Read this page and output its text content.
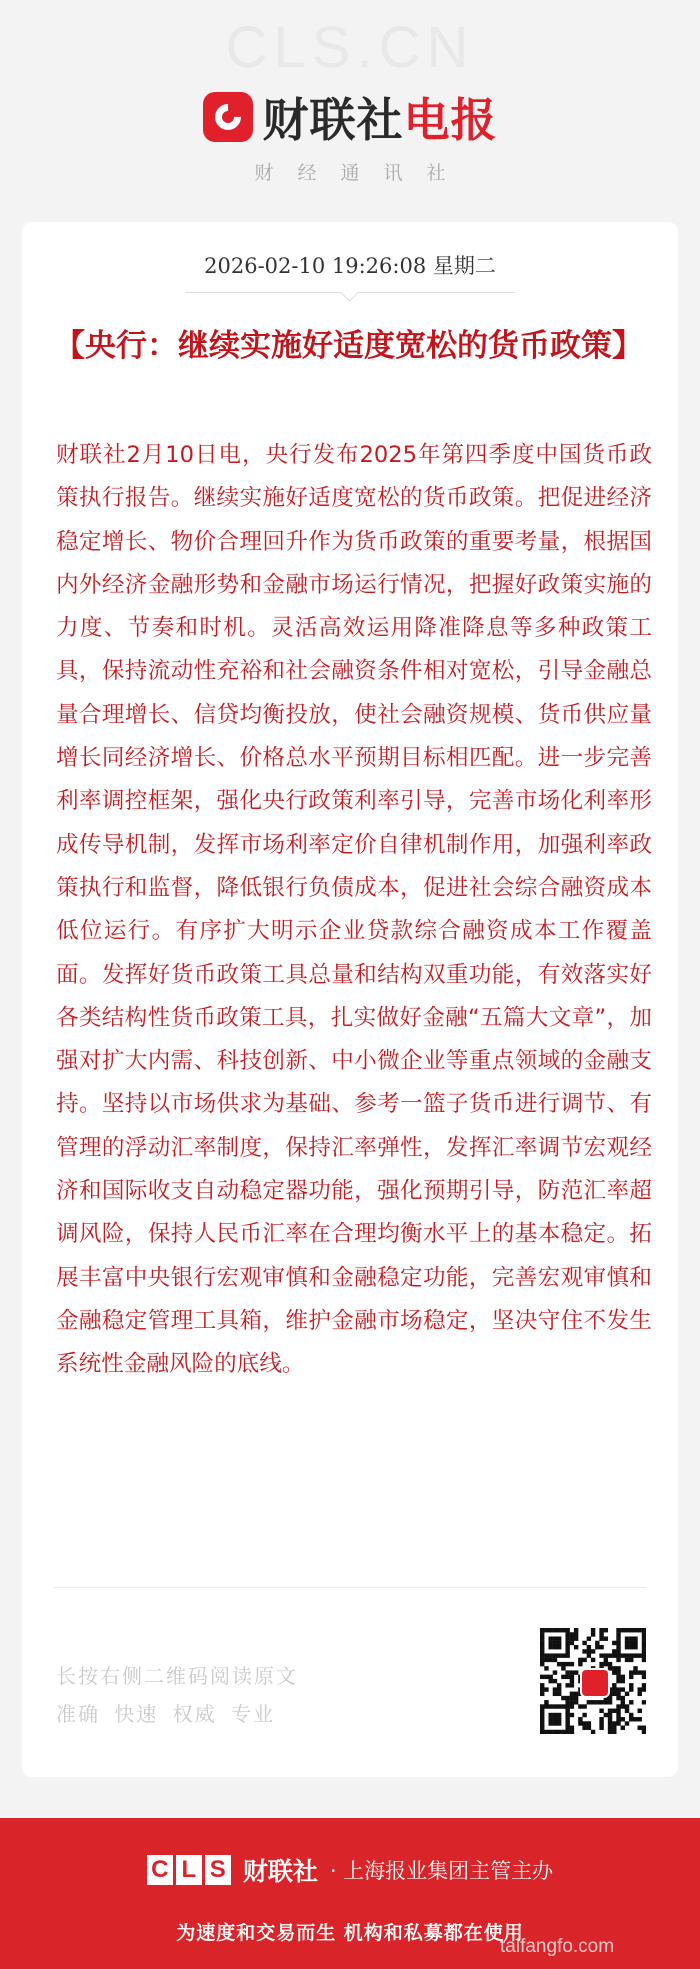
CLS.CN
财联社电报
财经通讯社
2026-02-10 19:26:08 星期二
【央行：继续实施好适度宽松的货币政策】

财联社2月10日电，央行发布2025年第四季度中国货币政策执行报告。继续实施好适度宽松的货币政策。把促进经济稳定增长、物价合理回升作为货币政策的重要考量，根据国内外经济金融形势和金融市场运行情况，把握好政策实施的力度、节奏和时机。灵活高效运用降准降息等多种政策工具，保持流动性充裕和社会融资条件相对宽松，引导金融总量合理增长、信贷均衡投放，使社会融资规模、货币供应量增长同经济增长、价格总水平预期目标相匹配。进一步完善利率调控框架，强化央行政策利率引导，完善市场化利率形成传导机制，发挥市场利率定价自律机制作用，加强利率政策执行和监督，降低银行负债成本，促进社会综合融资成本低位运行。有序扩大明示企业贷款综合融资成本工作覆盖面。发挥好货币政策工具总量和结构双重功能，有效落实好各类结构性货币政策工具，扎实做好金融“五篇大文章”，加强对扩大内需、科技创新、中小微企业等重点领域的金融支持。坚持以市场供求为基础、参考一篮子货币进行调节、有管理的浮动汇率制度，保持汇率弹性，发挥汇率调节宏观经济和国际收支自动稳定器功能，强化预期引导，防范汇率超调风险，保持人民币汇率在合理均衡水平上的基本稳定。拓展丰富中央银行宏观审慎和金融稳定功能，完善宏观审慎和金融稳定管理工具箱，维护金融市场稳定，坚决守住不发生系统性金融风险的底线。

长按右侧二维码阅读原文
准确 快速 权威 专业
C L S 财联社 · 上海报业集团主管主办
为速度和交易而生 机构和私募都在使用
taifangfo.com
